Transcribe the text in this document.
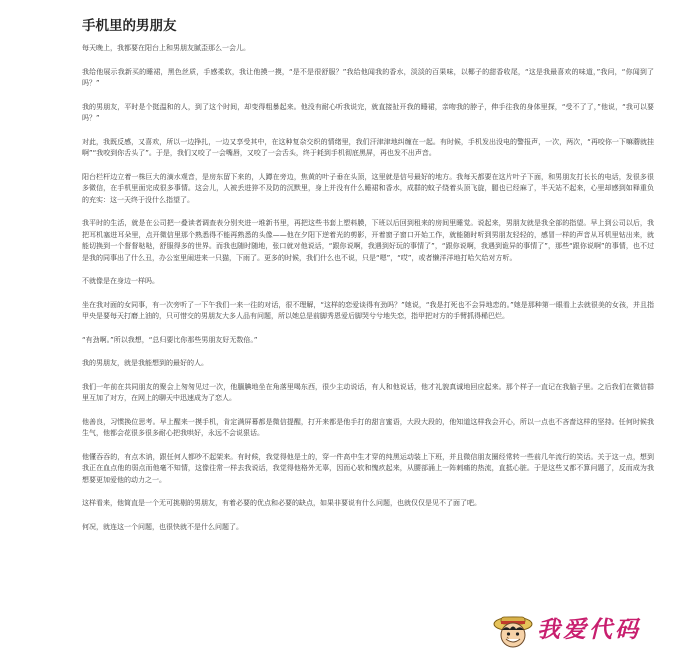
手机里的男朋友

每天晚上，我都要在阳台上和男朋友腻歪那么一会儿。

我给他展示我新买的睡裙，黑色丝质，手感柔软，我让他摸一摸，“是不是很舒服？”我给他闻我的香水，淡淡的百果味，以椰子的甜香收尾，“这是我最喜欢的味道，”我问，“你闻到了吗？”

我的男朋友，平时是个挺温和的人，到了这个时间，却变得粗暴起来。他没有耐心听我说完，就直接扯开我的睡裙，亲吻我的脖子，伸手往我的身体里探，“受不了了，”他说，“我可以要吗？”

对此，我既反感，又喜欢，所以一边挣扎，一边又享受其中，在这种复杂交织的情绪里，我们汗津津地纠缠在一起。有时候，手机发出没电的警报声，一次，两次，“再咬你一下嘛蘑就挂啊”“我咬到你舌头了”。于是，我们又咬了一会嘴唇，又咬了一会舌头，终于耗到手机彻底黑屏，再也发不出声音。

阳台栏杆边立着一株巨大的滴水观音，是房东留下来的，人蹲在旁边，焦黄的叶子垂在头顶，这里就是信号最好的地方。我每天都要在这片叶子下面，和男朋友打长长的电话，发很多很多微信，在手机里面完成很多事情。这会儿，人被丢进猝不及防的沉默里，身上并没有什么睡裙和香水，成群的蚊子绕着头顶飞旋，腿也已经麻了，半天站不起来，心里却感到如释重负的充实：这一天终于没什么指望了。

我平时的生活，就是在公司把一叠读者调查表分别夹进一堆新书里，再把这些书套上塑料膜，下班以后回到租来的房间里睡觉。说起来，男朋友就是我全部的指望。早上到公司以后，我把耳机塞进耳朵里，点开微信里那个熟悉得不能再熟悉的头像——他在夕阳下逆着光的剪影，开着窗子窗口开始工作，就能随时听到男朋友轻轻的，感冒一样的声音从耳机里钻出来，就能切换到一个督督哒哒，舒服得多的世界。而我也随时随地，张口就对他说话，“跟你说啊，我遇到好玩的事情了”，“跟你说啊，我遇到诡异的事情了”，那些“跟你说啊”的事情，也不过是我的同事出了什么丑，办公室里闹进来一只猫，下雨了。更多的时候，我们什么也不说，只是“嗯”，“哎”，或者懒洋洋地打哈欠给对方听。

不就像是在身边一样吗。

坐在我对面的女同事，有一次旁听了一下午我们一来一往的对话，很不理解，“这样的恋爱谈得有劲吗？”她说，“我是打死也不会异地恋的。”她是那种第一眼看上去就很美的女孩，并且指甲央是要每天打磨上油的，只可惜交的男朋友大多人品有问题，所以她总是前脚秀恩爱后脚哭兮兮地失恋，指甲把对方的手臂抓得稀巴烂。

“有劲啊。”所以我想，“总归要比你那些男朋友好无数倍。”

我的男朋友，就是我能想到的最好的人。

我们一年前在共同朋友的聚会上匆匆见过一次，他腼腆地坐在角落里喝东西，很少主动说话，有人和他说话，他才礼貌真诚地回应起来。那个样子一直记在我脑子里。之后我们在微信群里互加了对方，在网上的聊天中迅速成为了恋人。

他善良，习惯换位思考。早上醒来一摸手机，肯定满屏幕都是微信提醒，打开来都是他手打的甜言蜜语，大段大段的，他知道这样我会开心，所以一点也不吝啬这样的坚持。任何时候我生气，他都会花很多很多耐心把我哄好，永远不会说狠话。

他懂吞吞的，有点木讷，跟任何人都吵不起架来。有时候，我觉得他是土的，穿一件高中生才穿的纯黑运动装上下班，并且微信朋友圈经常转一些前几年流行的笑话。关于这一点，想到我正在血点他的弱点而他毫不知情，这像往常一样去我说话，我觉得他格外无辜，因而心软和愧疚起来，从腰部涌上一阵刺痛的热流，直抵心脏。于是这些又都不算问题了，反而成为我想要更加爱他的动力之一。

这样看来，他简直是一个无可挑剔的男朋友，有着必要的优点和必要的缺点，如果非要说有什么问题，也就仅仅是见不了面了吧。

何况，就连这一个问题，也很快就不是什么问题了。

我爱代码
